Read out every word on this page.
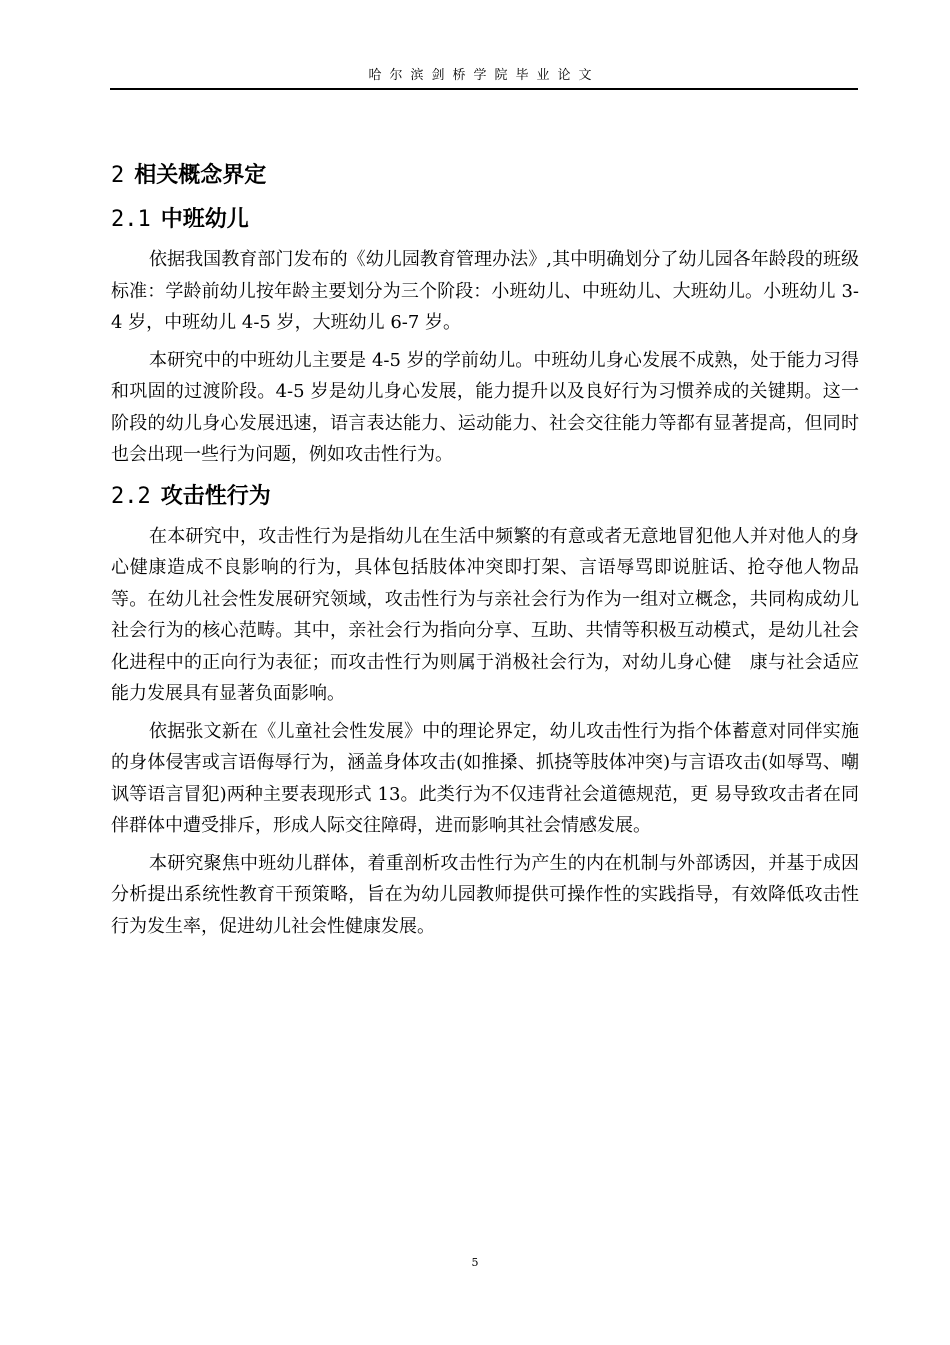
哈尔滨剑桥学院毕业论文
2 相关概念界定
2.1 中班幼儿

依据我国教育部门发布的《幼儿园教育管理办法》,其中明确划分了幼儿园各年龄段的班级标准：学龄前幼儿按年龄主要划分为三个阶段：小班幼儿、中班幼儿、大班幼儿。小班幼儿 3-4 岁，中班幼儿 4-5 岁，大班幼儿 6-7 岁。

本研究中的中班幼儿主要是 4-5 岁的学前幼儿。中班幼儿身心发展不成熟，处于能力习得和巩固的过渡阶段。4-5 岁是幼儿身心发展，能力提升以及良好行为习惯养成的关键期。这一阶段的幼儿身心发展迅速，语言表达能力、运动能力、社会交往能力等都有显著提高，但同时也会出现一些行为问题，例如攻击性行为。

2.2 攻击性行为

在本研究中，攻击性行为是指幼儿在生活中频繁的有意或者无意地冒犯他人并对他人的身心健康造成不良影响的行为，具体包括肢体冲突即打架、言语辱骂即说脏话、抢夺他人物品等。在幼儿社会性发展研究领域，攻击性行为与亲社会行为作为一组对立概念，共同构成幼儿社会行为的核心范畴。其中，亲社会行为指向分享、互助、共情等积极互动模式，是幼儿社会化进程中的正向行为表征；而攻击性行为则属于消极社会行为，对幼儿身心健　康与社会适应能力发展具有显著负面影响。

依据张文新在《儿童社会性发展》中的理论界定，幼儿攻击性行为指个体蓄意对同伴实施的身体侵害或言语侮辱行为，涵盖身体攻击(如推搡、抓挠等肢体冲突)与言语攻击(如辱骂、嘲讽等语言冒犯)两种主要表现形式 13。此类行为不仅违背社会道德规范，更 易导致攻击者在同伴群体中遭受排斥，形成人际交往障碍，进而影响其社会情感发展。

本研究聚焦中班幼儿群体，着重剖析攻击性行为产生的内在机制与外部诱因，并基于成因分析提出系统性教育干预策略，旨在为幼儿园教师提供可操作性的实践指导，有效降低攻击性行为发生率，促进幼儿社会性健康发展。

5
